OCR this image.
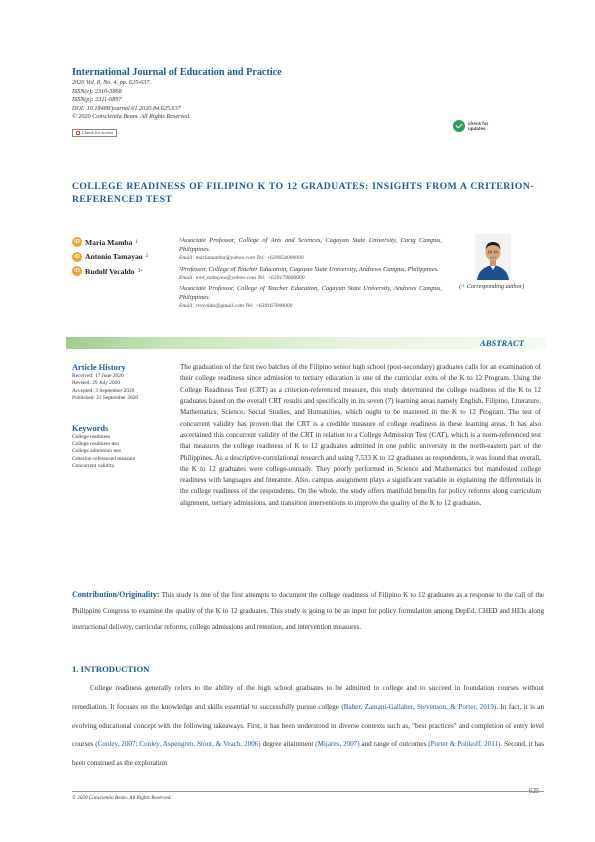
International Journal of Education and Practice
2020 Vol. 8, No. 4, pp. 625-637.
ISSN(e): 2310-3868
ISSN(p): 2311-6897
DOI: 10.18488/journal.61.2020.84.625.637
© 2020 Conscientia Beam. All Rights Reserved.
Check for access
check for
updates
COLLEGE READINESS OF FILIPINO K TO 12 GRADUATES: INSIGHTS FROM A CRITERION-REFERENCED TEST
iD Maria Mamba 1
iD Antonio Tamayao 2
iD Rudolf Vecaldo 3+
¹Associate Professor, College of Arts and Sciences, Cagayan State University, Carig Campus, Philippines.
Email: mariamamba@yahoo.com Tel: +639054000000
²Professor, College of Teacher Education, Cagayan State University, Andrews Campus, Philippines.
Email: toni_tamayao@yahoo.com Tel: +639179000000
³Associate Professor, College of Teacher Education, Cagayan State University, Andrews Campus, Philippines.
Email: rvecaldo@gmail.com Tel: +639167000000
(+ Corresponding author)
ABSTRACT
Article History
Received: 17 June 2020
Revised: 29 July 2020
Accepted: 3 September 2020
Published: 21 September 2020
Keywords
College readiness
College readiness test
College admission test
Criterion-referenced measure
Concurrent validity.
The graduation of the first two batches of the Filipino senior high school (post-secondary) graduates calls for an examination of their college readiness since admission to tertiary education is one of the curricular exits of the K to 12 Program. Using the College Readiness Test (CRT) as a criterion-referenced measure, this study determined the college readiness of the K to 12 graduates based on the overall CRT results and specifically in its seven (7) learning areas namely English, Filipino, Literature, Mathematics, Science, Social Studies, and Humanities, which ought to be mastered in the K to 12 Program. The test of concurrent validity has proven that the CRT is a credible measure of college readiness in these learning areas. It has also ascertained this concurrent validity of the CRT in relation to a College Admission Test (CAT), which is a norm-referenced test that measures the college readiness of K to 12 graduates admitted in one public university in the north-eastern part of the Philippines. As a descriptive-correlational research and using 7,533 K to 12 graduates as respondents, it was found that overall, the K to 12 graduates were college-unready. They poorly performed in Science and Mathematics but manifested college readiness with languages and literature. Also, campus assignment plays a significant variable in explaining the differentials in the college readiness of the respondents. On the whole, the study offers manifold benefits for policy reforms along curriculum alignment, tertiary admissions, and transition interventions to improve the quality of the K to 12 graduates.
Contribution/Originality: This study is one of the first attempts to document the college readiness of Filipino K to 12 graduates as a response to the call of the Philippine Congress to examine the quality of the K to 12 graduates. This study is going to be an input for policy formulation among DepEd, CHED and HEIs along instructional delivery, curricular reforms, college admissions and retention, and intervention measures.
1. INTRODUCTION
College readiness generally refers to the ability of the high school graduates to be admitted to college and to succeed in foundation courses without remediation. It focuses on the knowledge and skills essential to successfully pursue college (Baber, Zamani-Gallaher, Stevenson, & Porter, 2019). In fact, it is an evolving educational concept with the following takeaways. First, it has been understood in diverse contexts such as, "best practices" and completion of entry level courses (Conley, 2007; Conley, Aspengren, Stout, & Veach, 2006) degree attainment (Mijares, 2007) and range of outcomes (Porter & Polikoff, 2011). Second, it has been construed as the exploration
625
© 2020 Conscientia Beam. All Rights Reserved.
